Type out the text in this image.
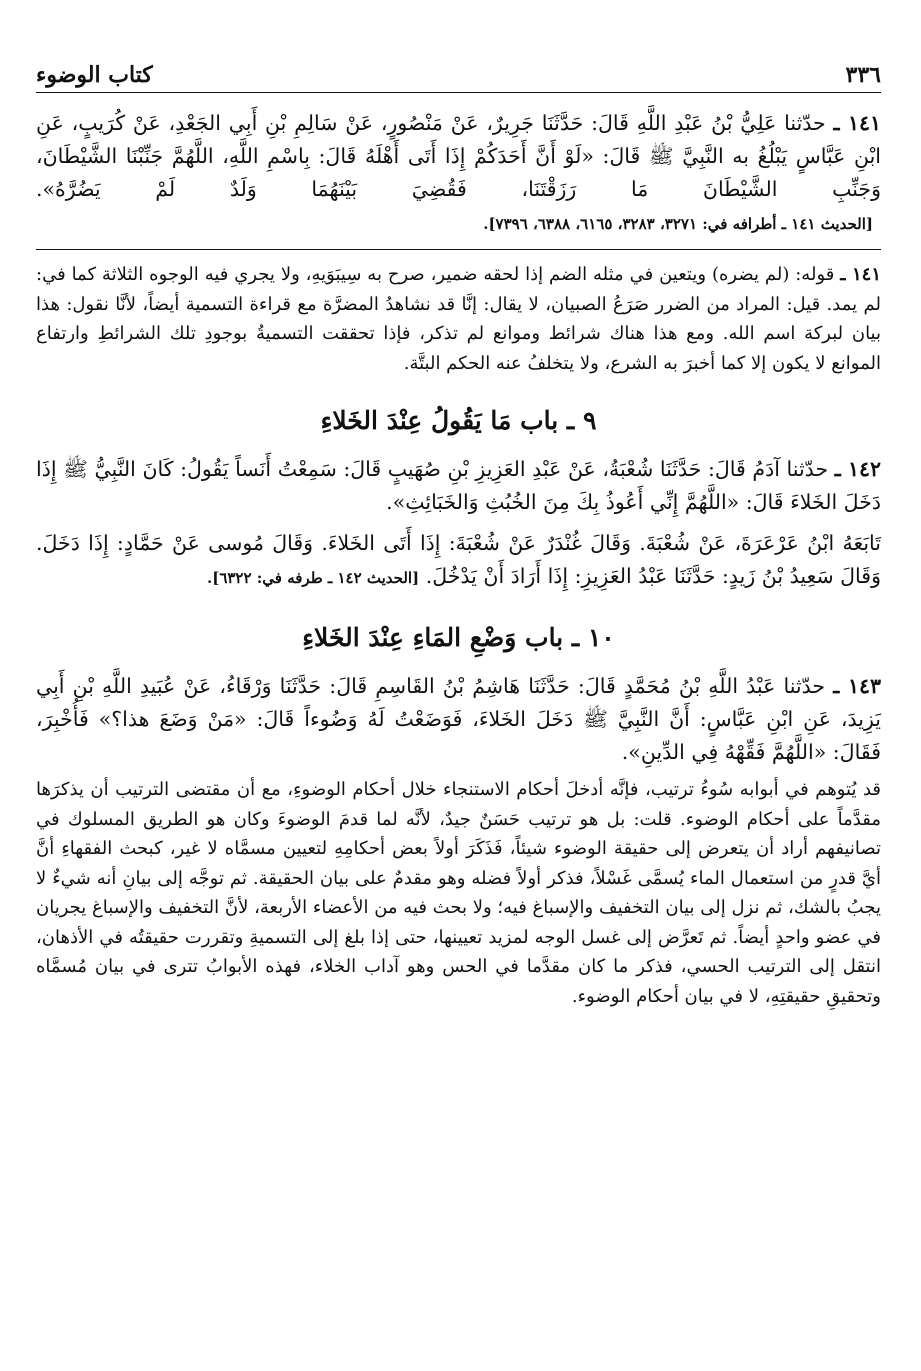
٣٣٦
كتاب الوضوء

١٤١ ـ حدّثنا عَلِيُّ بْنُ عَبْدِ اللَّهِ قَالَ: حَدَّثَنَا جَرِيرٌ، عَنْ مَنْصُورٍ، عَنْ سَالِمِ بْنِ أَبِي الجَعْدِ، عَنْ كُرَيبٍ، عَنِ ابْنِ عَبَّاسٍ يَبْلُغُ به النَّبِيَّ ﷺ قَالَ: «لَوْ أَنَّ أَحَدَكُمْ إِذَا أَتَى أَهْلَهُ قَالَ: بِاسْمِ اللَّهِ، اللَّهُمَّ جَنِّبْنَا الشَّيْطَانَ، وَجَنِّبِ الشَّيْطَانَ مَا رَزَقْتَنَا، فَقُضِيَ بَيْنَهُمَا وَلَدٌ لَمْ يَضُرَّهُ». [الحديث ١٤١ ـ أطرافه في: ٣٢٧١، ٣٢٨٣، ٦١٦٥، ٦٣٨٨، ٧٣٩٦].

١٤١ ـ قوله: (لم يضره) ويتعين في مثله الضم إذا لحقه ضمير، صرح به سِيبَوَيهِ، ولا يجري فيه الوجوه الثلاثة كما في: لم يمد. قيل: المراد من الضرر صَرَعُ الصبيان، لا يقال: إنَّا قد نشاهدُ المضرَّة مع قراءة التسمية أيضاً، لأنَّا نقول: هذا بيان لبركة اسم الله. ومع هذا هناك شرائط وموانع لم تذكر، فإذا تحققت التسميةُ بوجودِ تلك الشرائطِ وارتفاع الموانع لا يكون إلا كما أخبرَ به الشرع، ولا يتخلفُ عنه الحكم البتَّة.

٩ ـ باب مَا يَقُولُ عِنْدَ الخَلاءِ

١٤٢ ـ حدّثنا آدَمُ قَالَ: حَدَّثَنَا شُعْبَةُ، عَنْ عَبْدِ العَزِيزِ بْنِ صُهَيبٍ قَالَ: سَمِعْتُ أَنَساً يَقُولُ: كَانَ النَّبِيُّ ﷺ إِذَا دَخَلَ الخَلاءَ قَالَ: «اللَّهُمَّ إِنِّي أَعُوذُ بِكَ مِنَ الخُبُثِ وَالخَبَائِثِ».

تَابَعَهُ ابْنُ عَرْعَرَةَ، عَنْ شُعْبَةَ. وَقَالَ غُنْدَرٌ عَنْ شُعْبَةَ: إِذَا أَتَى الخَلاءَ. وَقَالَ مُوسى عَنْ حَمَّادٍ: إِذَا دَخَلَ. وَقَالَ سَعِيدُ بْنُ زَيدٍ: حَدَّثَنَا عَبْدُ العَزِيزِ: إِذَا أَرَادَ أَنْ يَدْخُلَ. [الحديث ١٤٢ ـ طرفه في: ٦٣٢٢].

١٠ ـ باب وَضْعِ المَاءِ عِنْدَ الخَلاءِ

١٤٣ ـ حدّثنا عَبْدُ اللَّهِ بْنُ مُحَمَّدٍ قَالَ: حَدَّثَنَا هَاشِمُ بْنُ القَاسِمِ قَالَ: حَدَّثَنَا وَرْقَاءُ، عَنْ عُبَيدِ اللَّهِ بْنِ أَبِي يَزِيدَ، عَنِ ابْنِ عَبَّاسٍ: أَنَّ النَّبِيَّ ﷺ دَخَلَ الخَلاءَ، فَوَضَعْتُ لَهُ وَضُوءاً قَالَ: «مَنْ وَضَعَ هذا؟» فَأُخْبِرَ، فَقَالَ: «اللَّهُمَّ فَقِّهْهُ فِي الدِّينِ».

قد يُتوهم في أبوابه سُوءُ ترتيب، فإنَّه أدخلَ أحكام الاستنجاء خلال أحكام الوضوءِ، مع أن مقتضى الترتيب أن يذكرَها مقدَّماً على أحكام الوضوء. قلت: بل هو ترتيب حَسَنٌ جيدٌ، لأنَّه لما قدمَ الوضوءَ وكان هو الطريق المسلوك في تصانيفهم أراد أن يتعرض إلى حقيقة الوضوء شيئاً، فَذَكَرَ أولاً بعض أحكامِهِ لتعيين مسمَّاه لا غير، كبحث الفقهاءِ أنَّ أيَّ قدرٍ من استعمال الماء يُسمَّى غَسْلاً، فذكر أولاً فضله وهو مقدمٌ على بيان الحقيقة. ثم توجَّه إلى بيانِ أنه شيءٌ لا يجبُ بالشك، ثم نزل إلى بيان التخفيف والإسباغ فيه؛ ولا بحث فيه من الأعضاء الأربعة، لأنَّ التخفيف والإسباغ يجريان في عضو واحدٍ أيضاً. ثم تَعرَّض إلى غسل الوجه لمزيد تعيينها، حتى إذا بلغ إلى التسميةِ وتقررت حقيقتُه في الأذهان، انتقل إلى الترتيب الحسي، فذكر ما كان مقدَّما في الحس وهو آداب الخلاء، فهذه الأبوابُ تترى في بيان مُسمَّاه وتحقيقِ حقيقتِهِ، لا في بيان أحكام الوضوء.
